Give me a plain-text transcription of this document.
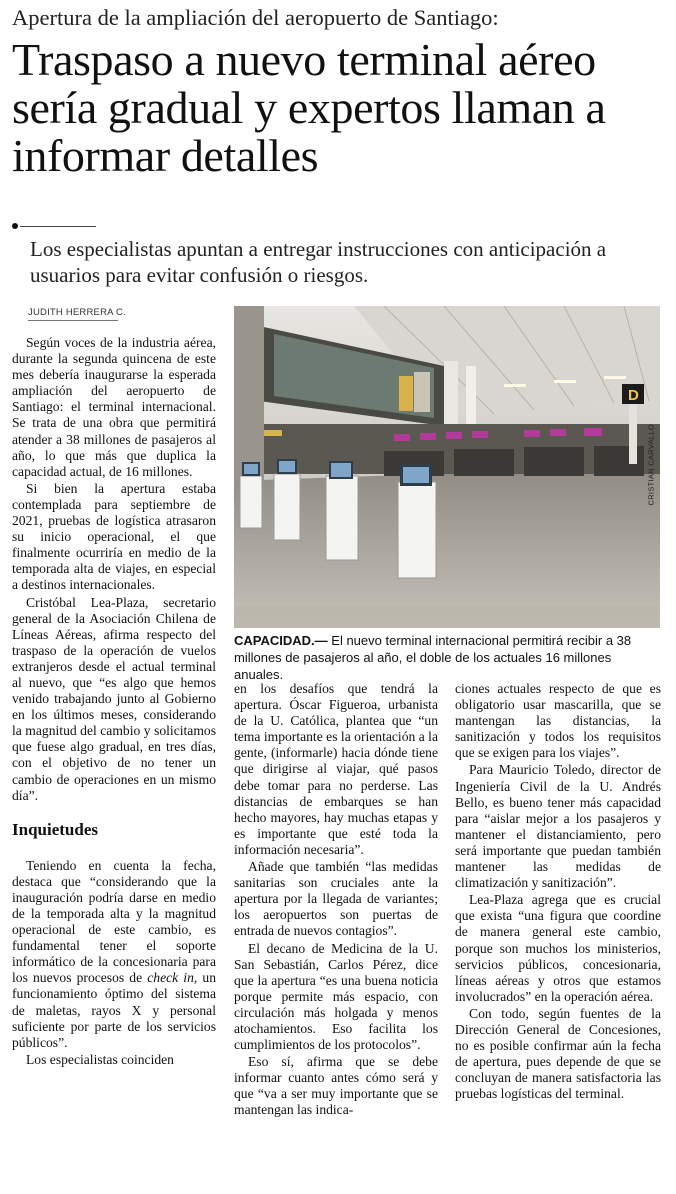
Apertura de la ampliación del aeropuerto de Santiago:
Traspaso a nuevo terminal aéreo sería gradual y expertos llaman a informar detalles
Los especialistas apuntan a entregar instrucciones con anticipación a usuarios para evitar confusión o riesgos.
JUDITH HERRERA C.

Según voces de la industria aérea, durante la segunda quincena de este mes debería inaugurarse la esperada ampliación del aeropuerto de Santiago: el terminal internacional. Se trata de una obra que permitirá atender a 38 millones de pasajeros al año, lo que más que duplica la capacidad actual, de 16 millones.

Si bien la apertura estaba contemplada para septiembre de 2021, pruebas de logística atrasaron su inicio operacional, el que finalmente ocurriría en medio de la temporada alta de viajes, en especial a destinos internacionales.

Cristóbal Lea-Plaza, secretario general de la Asociación Chilena de Líneas Aéreas, afirma respecto del traspaso de la operación de vuelos extranjeros desde el actual terminal al nuevo, que “es algo que hemos venido trabajando junto al Gobierno en los últimos meses, considerando la magnitud del cambio y solicitamos que fuese algo gradual, en tres días, con el objetivo de no tener un cambio de operaciones en un mismo día”.

Inquietudes

Teniendo en cuenta la fecha, destaca que “considerando que la inauguración podría darse en medio de la temporada alta y la magnitud operacional de este cambio, es fundamental tener el soporte informático de la concesionaria para los nuevos procesos de check in, un funcionamiento óptimo del sistema de maletas, rayos X y personal suficiente por parte de los servicios públicos”.

Los especialistas coinciden

D
CRISTIAN CARVALLO
CAPACIDAD.— El nuevo terminal internacional permitirá recibir a 38 millones de pasajeros al año, el doble de los actuales 16 millones anuales.

en los desafíos que tendrá la apertura. Óscar Figueroa, urbanista de la U. Católica, plantea que “un tema importante es la orientación a la gente, (informarle) hacia dónde tiene que dirigirse al viajar, qué pasos debe tomar para no perderse. Las distancias de embarques se han hecho mayores, hay muchas etapas y es importante que esté toda la información necesaria”.

Añade que también “las medidas sanitarias son cruciales ante la apertura por la llegada de variantes; los aeropuertos son puertas de entrada de nuevos contagios”.

El decano de Medicina de la U. San Sebastián, Carlos Pérez, dice que la apertura “es una buena noticia porque permite más espacio, con circulación más holgada y menos atochamientos. Eso facilita los cumplimientos de los protocolos”.

Eso sí, afirma que se debe informar cuanto antes cómo será y que “va a ser muy importante que se mantengan las indica-

ciones actuales respecto de que es obligatorio usar mascarilla, que se mantengan las distancias, la sanitización y todos los requisitos que se exigen para los viajes”.

Para Mauricio Toledo, director de Ingeniería Civil de la U. Andrés Bello, es bueno tener más capacidad para “aislar mejor a los pasajeros y mantener el distanciamiento, pero será importante que puedan también mantener las medidas de climatización y sanitización”.

Lea-Plaza agrega que es crucial que exista “una figura que coordine de manera general este cambio, porque son muchos los ministerios, servicios públicos, concesionaria, líneas aéreas y otros que estamos involucrados” en la operación aérea.

Con todo, según fuentes de la Dirección General de Concesiones, no es posible confirmar aún la fecha de apertura, pues depende de que se concluyan de manera satisfactoria las pruebas logísticas del terminal.
